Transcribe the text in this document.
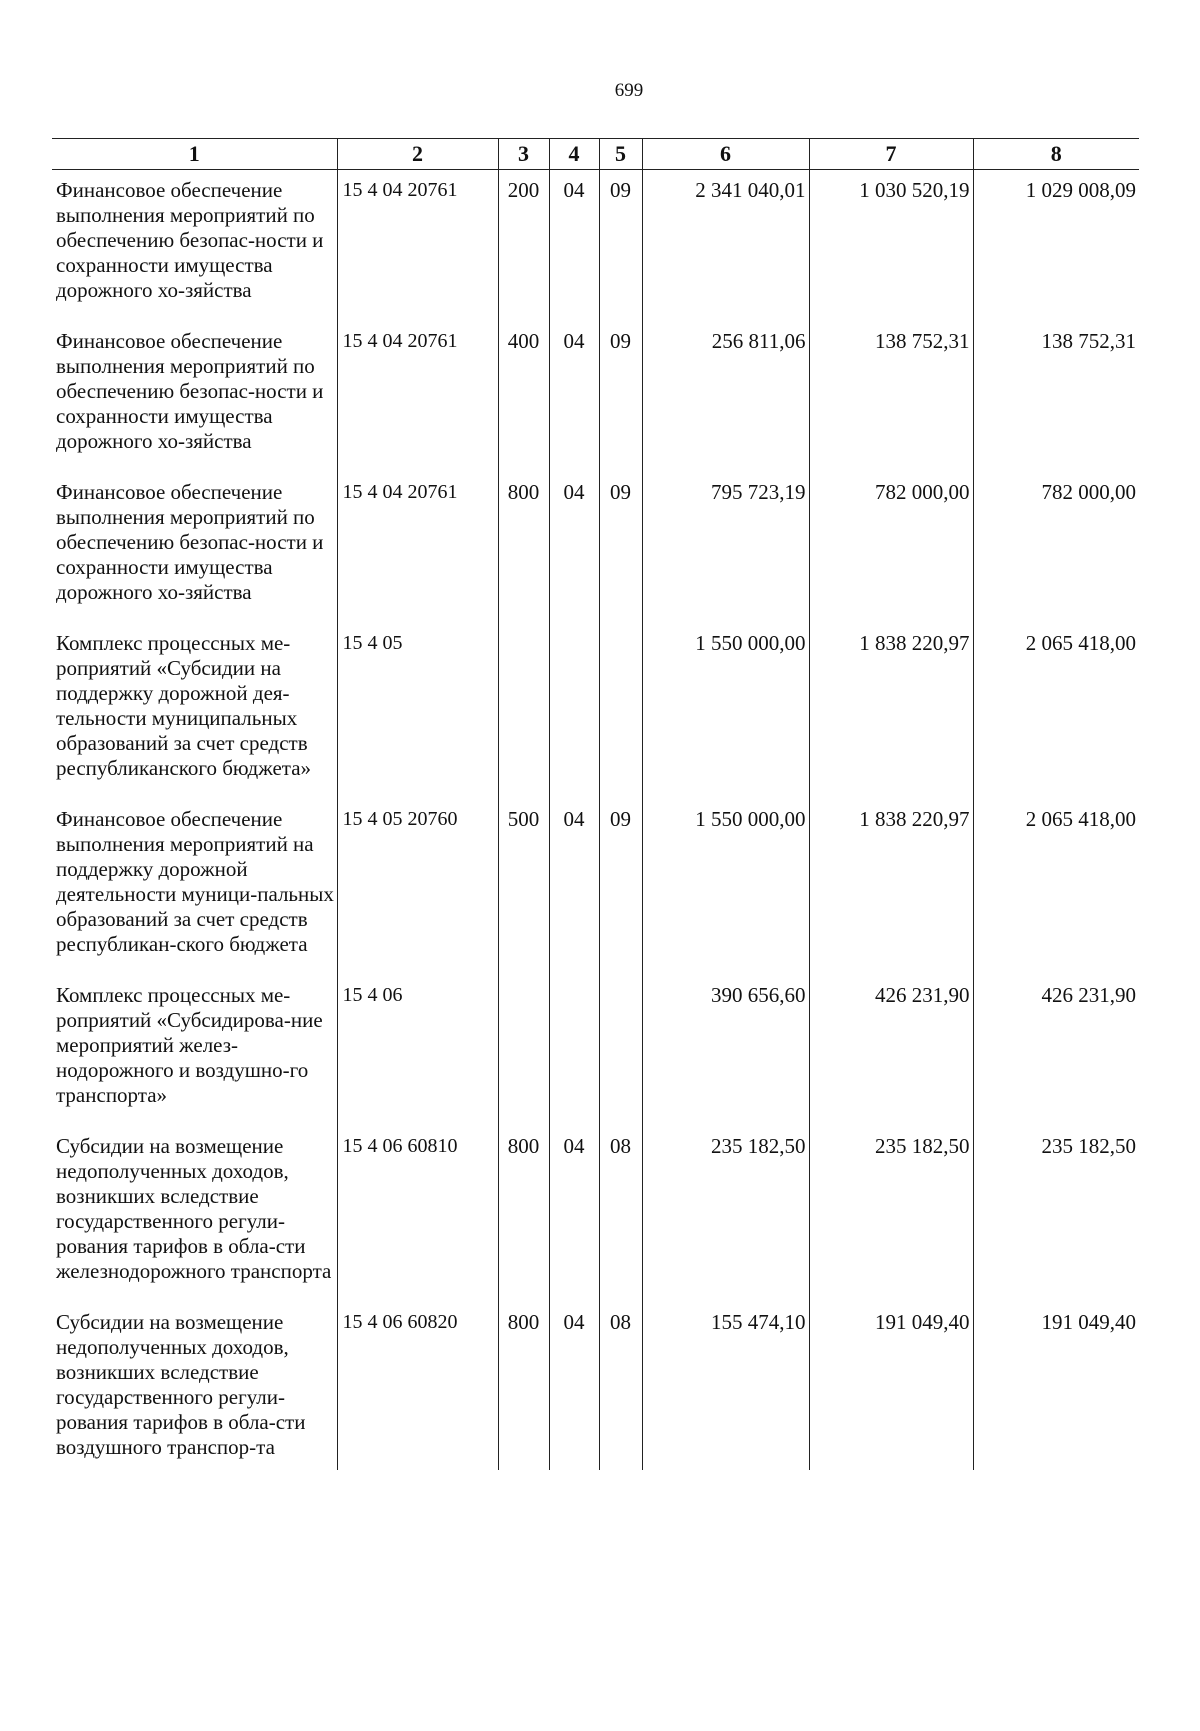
699
1	2	3	4	5	6	7	8
Финансовое обеспечение выполнения мероприятий по обеспечению безопас-ности и сохранности имущества дорожного хо-зяйства	15 4 04 20761	200	04	09	2 341 040,01	1 030 520,19	1 029 008,09
Финансовое обеспечение выполнения мероприятий по обеспечению безопас-ности и сохранности имущества дорожного хо-зяйства	15 4 04 20761	400	04	09	256 811,06	138 752,31	138 752,31
Финансовое обеспечение выполнения мероприятий по обеспечению безопас-ности и сохранности имущества дорожного хо-зяйства	15 4 04 20761	800	04	09	795 723,19	782 000,00	782 000,00
Комплекс процессных ме-роприятий «Субсидии на поддержку дорожной дея-тельности муниципальных образований за счет средств республиканского бюджета»	15 4 05				1 550 000,00	1 838 220,97	2 065 418,00
Финансовое обеспечение выполнения мероприятий на поддержку дорожной деятельности муници-пальных образований за счет средств республикан-ского бюджета	15 4 05 20760	500	04	09	1 550 000,00	1 838 220,97	2 065 418,00
Комплекс процессных ме-роприятий «Субсидирова-ние мероприятий желез-нодорожного и воздушно-го транспорта»	15 4 06				390 656,60	426 231,90	426 231,90
Субсидии на возмещение недополученных доходов, возникших вследствие государственного регули-рования тарифов в обла-сти железнодорожного транспорта	15 4 06 60810	800	04	08	235 182,50	235 182,50	235 182,50
Субсидии на возмещение недополученных доходов, возникших вследствие государственного регули-рования тарифов в обла-сти воздушного транспор-та	15 4 06 60820	800	04	08	155 474,10	191 049,40	191 049,40
